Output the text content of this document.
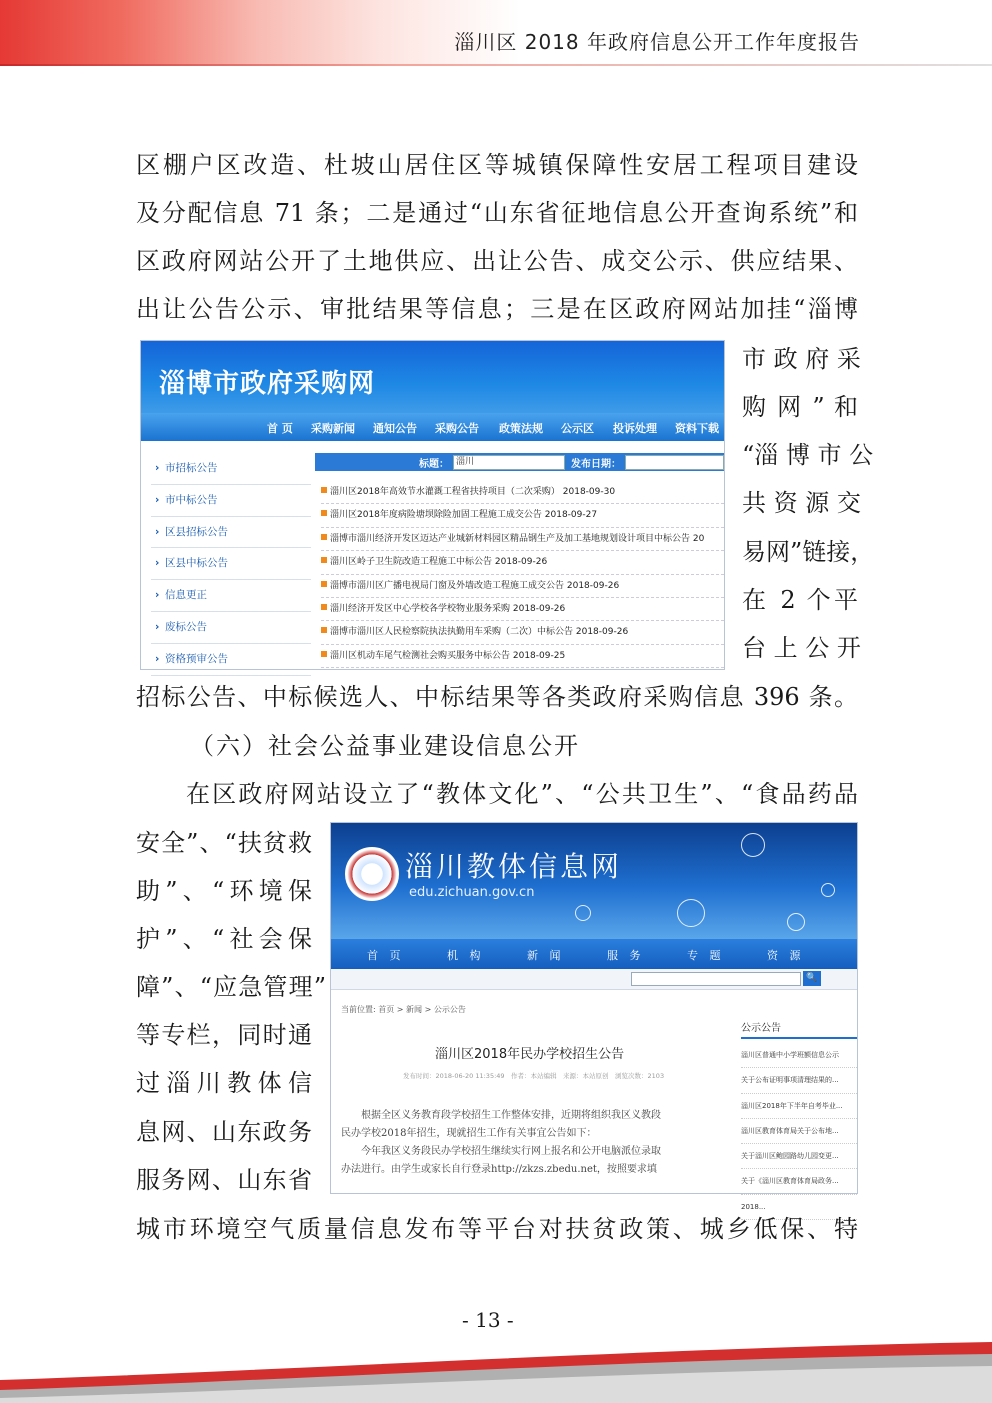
淄川区 2018 年政府信息公开工作年度报告
区棚户区改造、杜坡山居住区等城镇保障性安居工程项目建设
及分配信息 71 条；二是通过“山东省征地信息公开查询系统”和
区政府网站公开了土地供应、出让公告、成交公示、供应结果、
出让公告公示、审批结果等信息；三是在区政府网站加挂“淄博
淄博市政府采购网
首 页 采购新闻 通知公告 采购公告 政策法规 公示区 投诉处理 资料下载
› 市招标公告
› 市中标公告
› 区县招标公告
› 区县中标公告
› 信息更正
› 废标公告
› 资格预审公告
标题： 淄川	发布日期：
淄川区2018年高效节水灌溉工程省扶持项目（二次采购） 2018-09-30
淄川区2018年度病险塘坝除险加固工程施工成交公告 2018-09-27
淄博市淄川经济开发区迈达产业城新材料园区精品钢生产及加工基地规划设计项目中标公告 20
淄川区岭子卫生院改造工程施工中标公告 2018-09-26
淄博市淄川区广播电视局门窗及外墙改造工程施工成交公告 2018-09-26
淄川经济开发区中心学校各学校物业服务采购 2018-09-26
淄博市淄川区人民检察院执法执勤用车采购（二次）中标公告 2018-09-26
淄川区机动车尾气检测社会购买服务中标公告 2018-09-25
市 政 府 采
购 网 ” 和
“淄 博 市 公
共 资 源 交
易网”链接，
在 2 个平
台 上 公 开
招标公告、中标候选人、中标结果等各类政府采购信息 396 条。
（六）社会公益事业建设信息公开
在区政府网站设立了“教体文化”、“公共卫生”、“食品药品
安全”、“扶贫救
助”、“环境保
护”、“社会保
障”、“应急管理”
等专栏，同时通
过淄川教体信
息网、山东政务
服务网、山东省
淄川教体信息网
edu.zichuan.gov.cn
首 页	机 构	新 闻	服 务	专 题	资 源
🔍
当前位置: 首页 > 新闻 > 公示公告
淄川区2018年民办学校招生公告
发布时间：2018-06-20 11:35:49　作者：本站编辑　来源：本站原创　浏览次数：2103
　　根据全区义务教育段学校招生工作整体安排，近期将组织我区义教段
民办学校2018年招生，现就招生工作有关事宜公告如下：
　　今年我区义务段民办学校招生继续实行网上报名和公开电脑派位录取
办法进行。由学生或家长自行登录http://zkzs.zbedu.net，按照要求填
公示公告
淄川区普通中小学班额信息公示
关于公布证明事项清理结果的...
淄川区2018年下半年自考毕业...
淄川区教育体育局关于公布地...
关于淄川区鲍园路幼儿园变更...
关于《淄川区教育体育局政务...
2018...
城市环境空气质量信息发布等平台对扶贫政策、城乡低保、特
- 13 -
